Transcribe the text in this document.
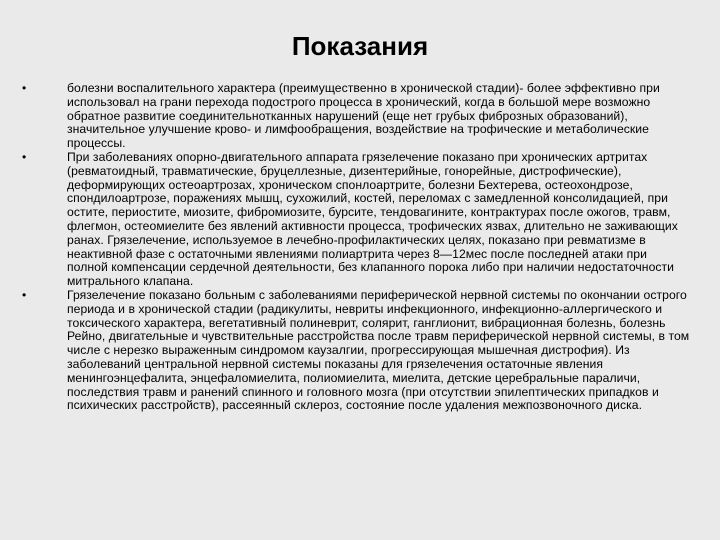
Показания
•	болезни воспалительного характера (преимущественно в хронической стадии)- более эффективно при использовал на грани перехода подострого процесса в хронический, когда в большой мере возможно обратное развитие соединительнотканных нарушений (еще нет грубых фиброзных образований), значительное улучшение крово- и лимфообращения, воздействие на трофические и метаболические процессы.
•	При заболеваниях опорно-двигательного аппарата грязелечение показано при хронических артритах (ревматоидный, травматические, бруцеллезные, дизентерийные, гонорейные, дистрофические), деформирующих остеоартрозах, хроническом спонлоартрите, болезни Бехтерева, остеохондрозе, спондилоартрозе, поражениях мышц, сухожилий, костей, переломах с замедленной консолидацией, при остите, периостите, миозите, фибромиозите, бурсите, тендовагините, контрактурах после ожогов, травм, флегмон, остеомиелите без явлений активности процесса, трофических язвах, длительно не заживающих ранах. Грязелечение, используемое в лечебно-профилактических целях, показано при ревматизме в неактивной фазе с остаточными явлениями полиартрита через 8—12мес после последней атаки при полной компенсации сердечной деятельности, без клапанного порока либо при наличии недостаточности митрального клапана.
•	Грязелечение показано больным с заболеваниями периферической нервной системы по окончании острого периода и в хронической стадии (радикулиты, невриты инфекционного, инфекционно-аллергического и токсического характера, вегетативный полиневрит, солярит, ганглионит, вибрационная болезнь, болезнь Рейно, двигательные и чувствительные расстройства после травм периферической нервной системы, в том числе с нерезко выраженным синдромом каузалгии, прогрессирующая мышечная дистрофия). Из заболеваний центральной нервной системы показаны для грязелечения остаточные явления менингоэнцефалита, энцефаломиелита, полиомиелита, миелита, детские церебральные параличи, последствия травм и ранений спинного и головного мозга (при отсутствии эпилептических припадков и психических расстройств), рассеянный склероз, состояние после удаления межпозвоночного диска.
